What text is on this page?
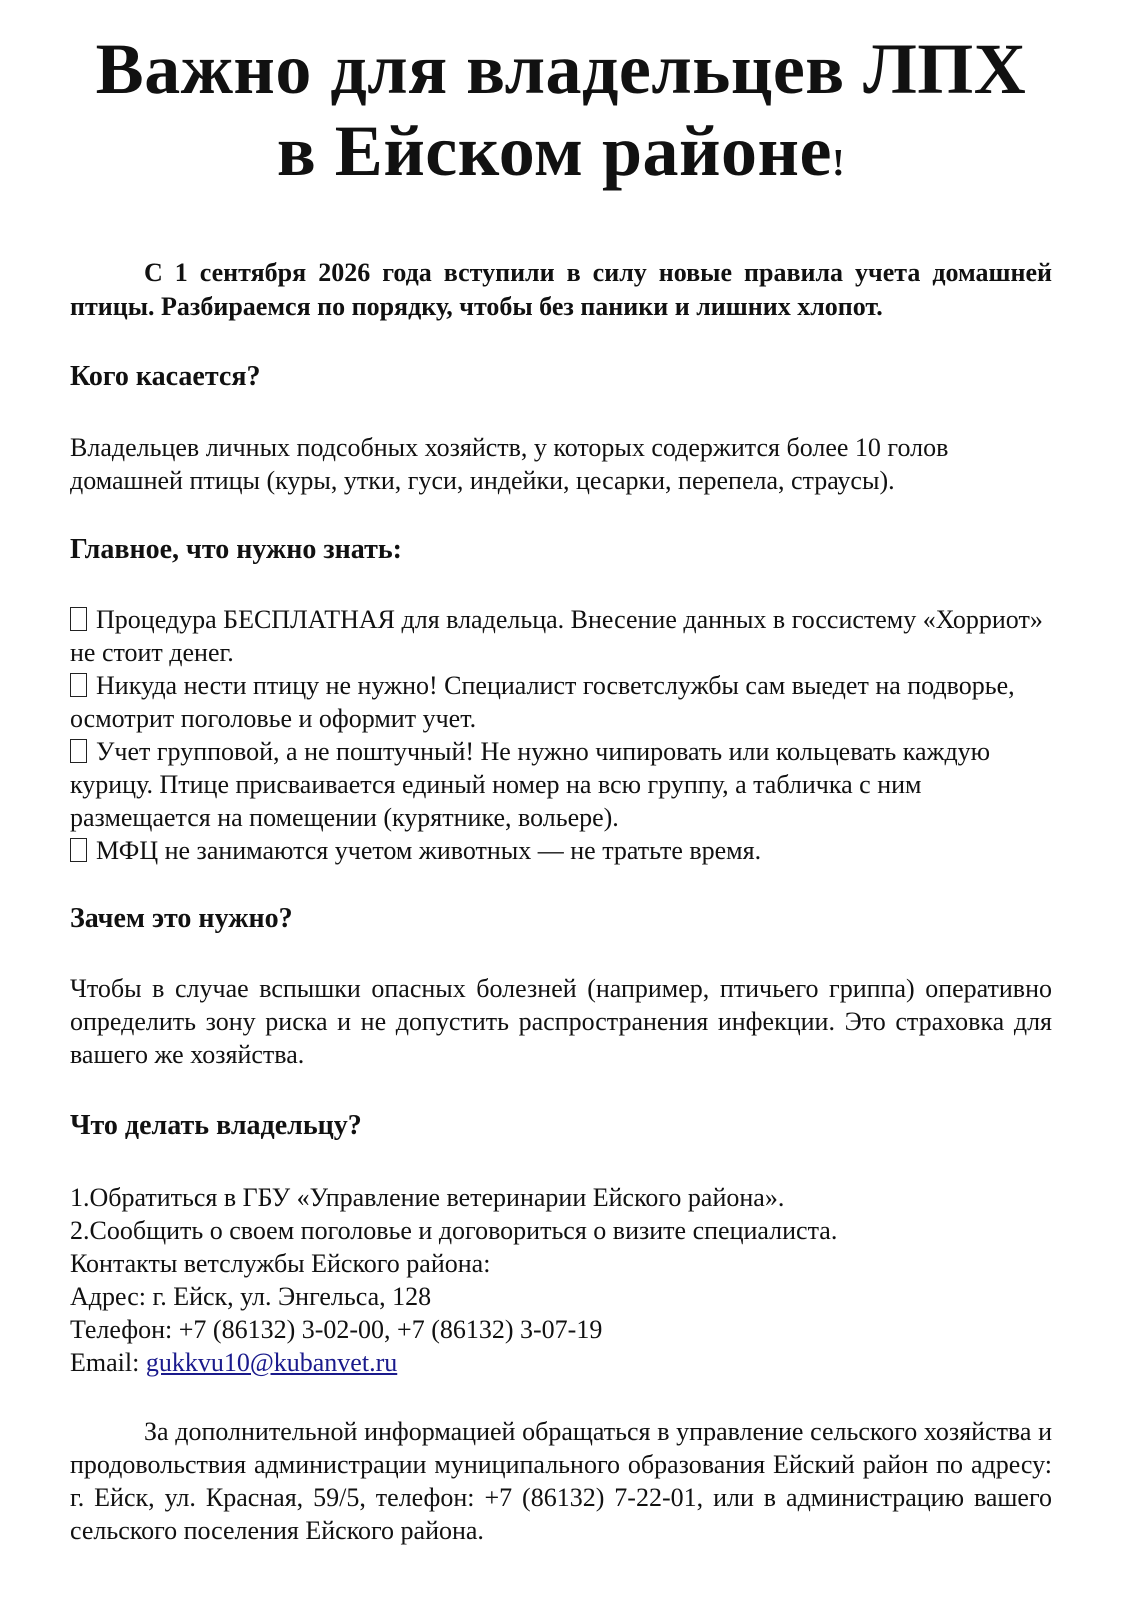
Важно для владельцев ЛПХ
в Ейском районе!

С 1 сентября 2026 года вступили в силу новые правила учета домашней птицы. Разбираемся по порядку, чтобы без паники и лишних хлопот.

Кого касается?

Владельцев личных подсобных хозяйств, у которых содержится более 10 голов домашней птицы (куры, утки, гуси, индейки, цесарки, перепела, страусы).

Главное, что нужно знать:

Процедура БЕСПЛАТНАЯ для владельца. Внесение данных в госсистему «Хорриот» не стоит денег.

Никуда нести птицу не нужно! Специалист госветслужбы сам выедет на подворье, осмотрит поголовье и оформит учет.

Учет групповой, а не поштучный! Не нужно чипировать или кольцевать каждую курицу. Птице присваивается единый номер на всю группу, а табличка с ним размещается на помещении (курятнике, вольере).

МФЦ не занимаются учетом животных — не тратьте время.

Зачем это нужно?

Чтобы в случае вспышки опасных болезней (например, птичьего гриппа) оперативно определить зону риска и не допустить распространения инфекции. Это страховка для вашего же хозяйства.

Что делать владельцу?

1.Обратиться в ГБУ «Управление ветеринарии Ейского района».

2.Сообщить о своем поголовье и договориться о визите специалиста.

Контакты ветслужбы Ейского района:

Адрес: г. Ейск, ул. Энгельса, 128

Телефон: +7 (86132) 3-02-00, +7 (86132) 3-07-19

Email: gukkvu10@kubanvet.ru

За дополнительной информацией обращаться в управление сельского хозяйства и продовольствия администрации муниципального образования Ейский район по адресу: г. Ейск, ул. Красная, 59/5, телефон: +7 (86132) 7-22-01, или в администрацию вашего сельского поселения Ейского района.
